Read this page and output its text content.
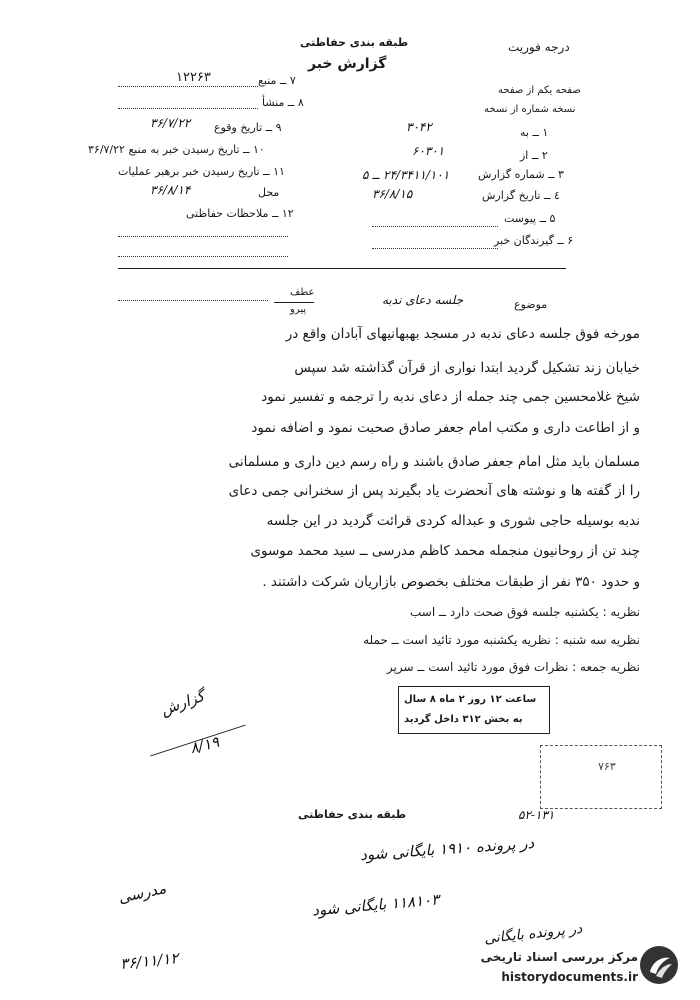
درجه فوریت
طبقه بندی حفاظتی
گزارش خبر
صفحه یکم از صفحه
نسخه شماره از نسخه
۱۲۲۶۳	۷ ــ منبع
۸ ــ منشأ
۳۶/۷/۲۲ ۹ ــ تاریخ وقوع
۱۰ ــ تاریخ رسیدن خبر به منبع ۳۶/۷/۲۲
۱۱ ــ تاریخ رسیدن خبر برهبر عملیات
۳۶/۸/۱۴	محل
۱۲ ــ ملاحظات حفاظتی
۳۰۴۲	۱ ــ به
۶۰۳۰۱	۲ ــ از
۲۴/۳۴۱۱/۱۰۱ ــ ۵	۳ ــ شماره گزارش
۳۶/۸/۱۵	٤ ــ تاریخ گزارش
۵ ــ پیوست
۶ ــ گیرندگان خبر
عطف
پیرو
جلسه دعای ندبه	موضوع
مورخه فوق جلسه دعای ندبه در مسجد بهبهانیهای آبادان واقع در
خیابان زند تشکیل گردید ابتدا نواری از قرآن گذاشته شد سپس
شیخ غلامحسین جمی چند جمله از دعای ندبه را ترجمه و تفسیر نمود
و از اطاعت داری و مکتب امام جعفر صادق صحبت نمود و اضافه نمود
مسلمان باید مثل امام جعفر صادق باشند و راه رسم دین داری و مسلمانی
را از گفته ها و نوشته های آنحضرت یاد بگیرند پس از سخنرانی جمی دعای
ندبه بوسیله حاجی شوری و عبداله کردی قرائت گردید در این جلسه
چند تن از روحانیون منجمله محمد کاظم مدرسی ــ سید محمد موسوی
و حدود ۳۵۰ نفر از طبقات مختلف بخصوص بازاریان شرکت داشتند .
نظریه : یکشنبه جلسه فوق صحت دارد ــ اسب
نظریه سه شنبه : نظریه یکشنبه مورد تائید است ــ حمله
نظریه جمعه : نظرات فوق مورد تائید است ــ سرپر
ساعت ۱۲ روز ۲ ماه ۸ سال
به بخش ۳۱۲ داخل گردید
گزارش
۸/۱۹
۷۶۳
طبقه بندی حفاظتی	۵۲-۱۳۱
در پرونده ۱۹۱۰ بایگانی شود
مدرسی
۱۱۸۱۰۳ بایگانی شود
در پرونده بایگانی
۳۶/۱۱/۱۲	مرکز بررسی اسناد تاریخی
historydocuments.ir
